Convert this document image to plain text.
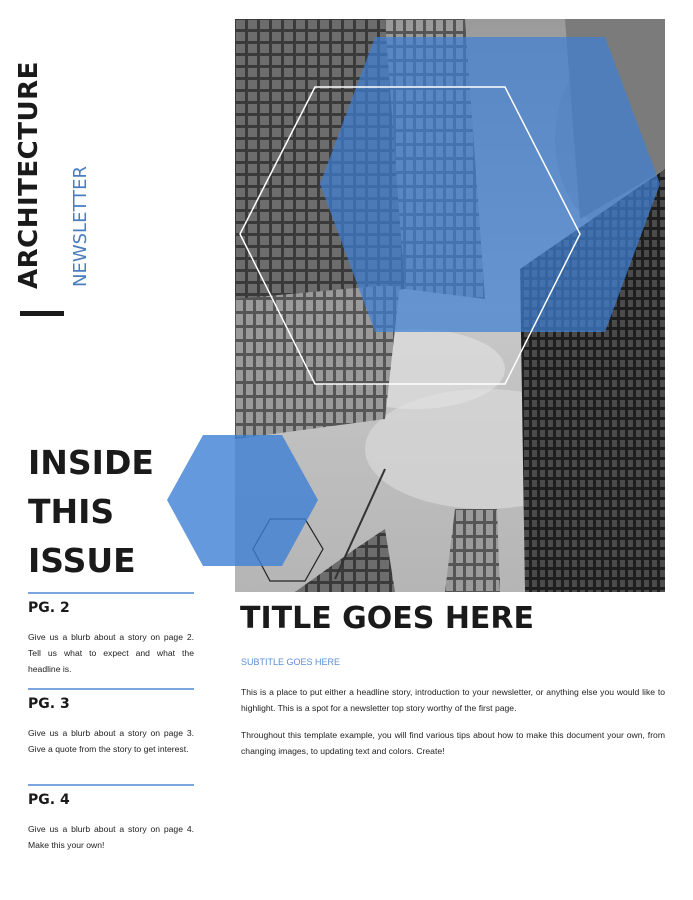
ARCHITECTURE NEWSLETTER
INSIDE
THIS
ISSUE
PG. 2
Give us a blurb about a story on page 2. Tell us what to expect and what the headline is.
PG. 3
Give us a blurb about a story on page 3. Give a quote from the story to get interest.
PG. 4
Give us a blurb about a story on page 4. Make this your own!
TITLE GOES HERE
SUBTITLE GOES HERE
This is a place to put either a headline story, introduction to your newsletter, or anything else you would like to highlight. This is a spot for a newsletter top story worthy of the first page.
Throughout this template example, you will find various tips about how to make this document your own, from changing images, to updating text and colors. Create!
